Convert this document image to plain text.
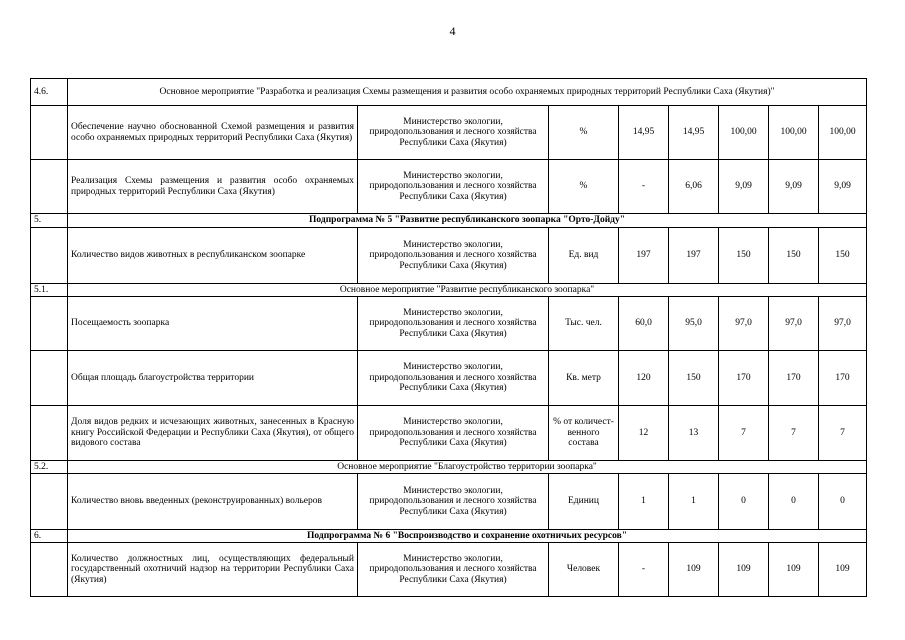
4
4.6.	Основное мероприятие "Разработка и реализация Схемы размещения и развития особо охраняемых природных территорий Республики Саха (Якутия)"							
	Обеспечение научно обоснованной Схемой размещения и развития особо охраняемых природных территорий Республики Саха (Якутия)	Министерство экологии, природопользования и лесного хозяйства Республики Саха (Якутия)	%	14,95	14,95	100,00	100,00	100,00
	Реализация Схемы размещения и развития особо охраняемых природных территорий Республики Саха (Якутия)	Министерство экологии, природопользования и лесного хозяйства Республики Саха (Якутия)	%	-	6,06	9,09	9,09	9,09
5.	Подпрограмма № 5 "Развитие республиканского зоопарка "Орто-Дойду"							
	Количество видов животных в республиканском зоопарке	Министерство экологии, природопользования и лесного хозяйства Республики Саха (Якутия)	Ед. вид	197	197	150	150	150
5.1.	Основное мероприятие "Развитие республиканского зоопарка"							
	Посещаемость зоопарка	Министерство экологии, природопользования и лесного хозяйства Республики Саха (Якутия)	Тыс. чел.	60,0	95,0	97,0	97,0	97,0
	Общая площадь благоустройства территории	Министерство экологии, природопользования и лесного хозяйства Республики Саха (Якутия)	Кв. метр	120	150	170	170	170
	Доля видов редких и исчезающих животных, занесенных в Красную книгу Российской Федерации и Республики Саха (Якутия), от общего видового состава	Министерство экологии, природопользования и лесного хозяйства Республики Саха (Якутия)	% от количест-венного состава	12	13	7	7	7
5.2.	Основное мероприятие "Благоустройство территории зоопарка"							
	Количество вновь введенных (реконструированных) вольеров	Министерство экологии, природопользования и лесного хозяйства Республики Саха (Якутия)	Единиц	1	1	0	0	0
6.	Подпрограмма № 6 "Воспроизводство и сохранение охотничьих ресурсов"							
	Количество должностных лиц, осуществляющих федеральный государственный охотничий надзор на территории Республики Саха (Якутия)	Министерство экологии, природопользования и лесного хозяйства Республики Саха (Якутия)	Человек	-	109	109	109	109
